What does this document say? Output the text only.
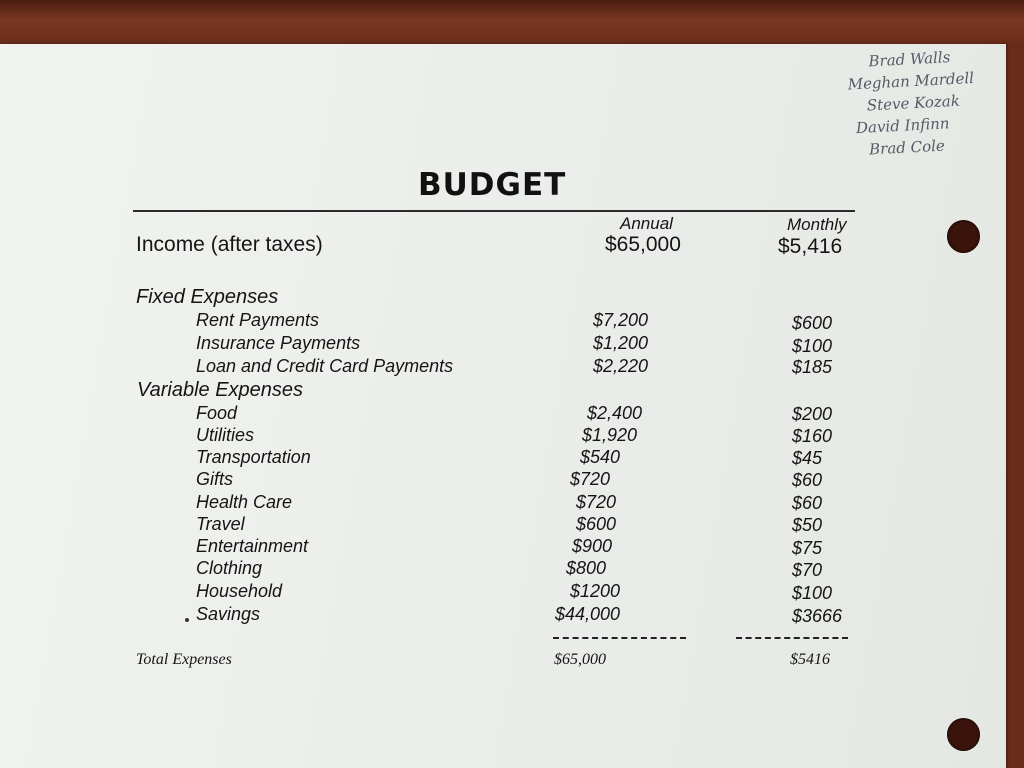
Brad Walls
Meghan Mardell
Steve Kozak
David Infinn
Brad Cole
BUDGET
Annual	Monthly
Income (after taxes)	$65,000	$5,416
Fixed Expenses
Rent Payments	$7,200	$600
Insurance Payments	$1,200	$100
Loan and Credit Card Payments	$2,220	$185
Variable Expenses
Food	$2,400	$200
Utilities	$1,920	$160
Transportation	$540	$45
Gifts	$720	$60
Health Care	$720	$60
Travel	$600	$50
Entertainment	$900	$75
Clothing	$800	$70
Household	$1200	$100
Savings	$44,000	$3666
Total Expenses	$65,000	$5416
